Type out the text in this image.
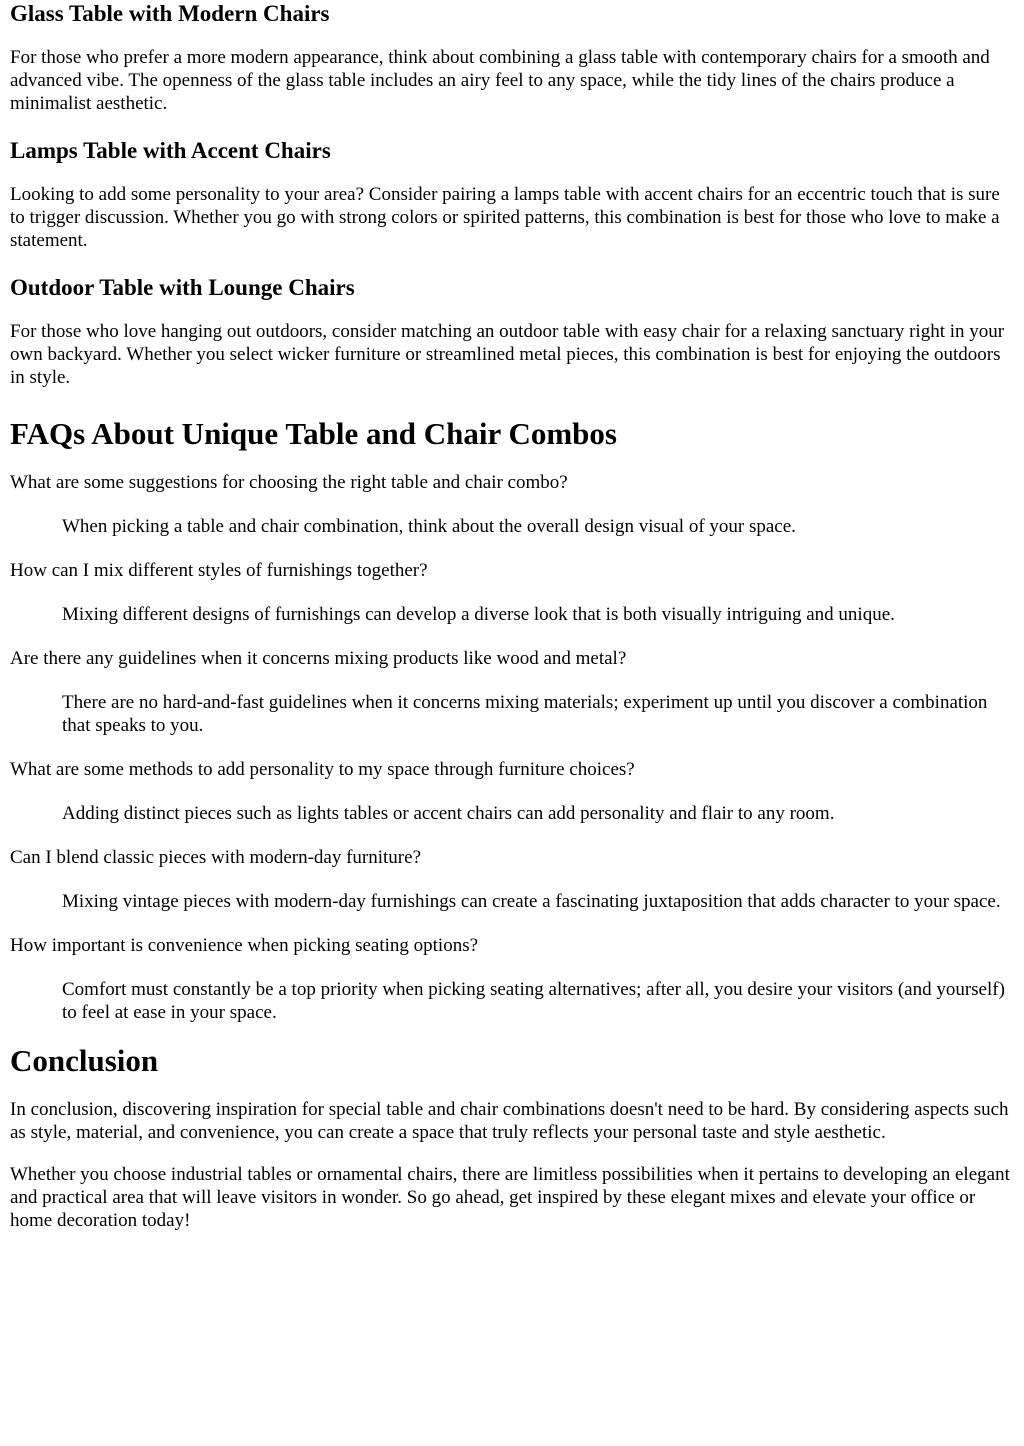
Glass Table with Modern Chairs

For those who prefer a more modern appearance, think about combining a glass table with contemporary chairs for a smooth and advanced vibe. The openness of the glass table includes an airy feel to any space, while the tidy lines of the chairs produce a minimalist aesthetic.

Lamps Table with Accent Chairs

Looking to add some personality to your area? Consider pairing a lamps table with accent chairs for an eccentric touch that is sure to trigger discussion. Whether you go with strong colors or spirited patterns, this combination is best for those who love to make a statement.

Outdoor Table with Lounge Chairs

For those who love hanging out outdoors, consider matching an outdoor table with easy chair for a relaxing sanctuary right in your own backyard. Whether you select wicker furniture or streamlined metal pieces, this combination is best for enjoying the outdoors in style.

FAQs About Unique Table and Chair Combos
What are some suggestions for choosing the right table and chair combo?
When picking a table and chair combination, think about the overall design visual of your space.
How can I mix different styles of furnishings together?
Mixing different designs of furnishings can develop a diverse look that is both visually intriguing and unique.
Are there any guidelines when it concerns mixing products like wood and metal?
There are no hard-and-fast guidelines when it concerns mixing materials; experiment up until you discover a combination that speaks to you.
What are some methods to add personality to my space through furniture choices?
Adding distinct pieces such as lights tables or accent chairs can add personality and flair to any room.
Can I blend classic pieces with modern-day furniture?
Mixing vintage pieces with modern-day furnishings can create a fascinating juxtaposition that adds character to your space.
How important is convenience when picking seating options?
Comfort must constantly be a top priority when picking seating alternatives; after all, you desire your visitors (and yourself) to feel at ease in your space.
Conclusion

In conclusion, discovering inspiration for special table and chair combinations doesn't need to be hard. By considering aspects such as style, material, and convenience, you can create a space that truly reflects your personal taste and style aesthetic.

Whether you choose industrial tables or ornamental chairs, there are limitless possibilities when it pertains to developing an elegant and practical area that will leave visitors in wonder. So go ahead, get inspired by these elegant mixes and elevate your office or home decoration today!
